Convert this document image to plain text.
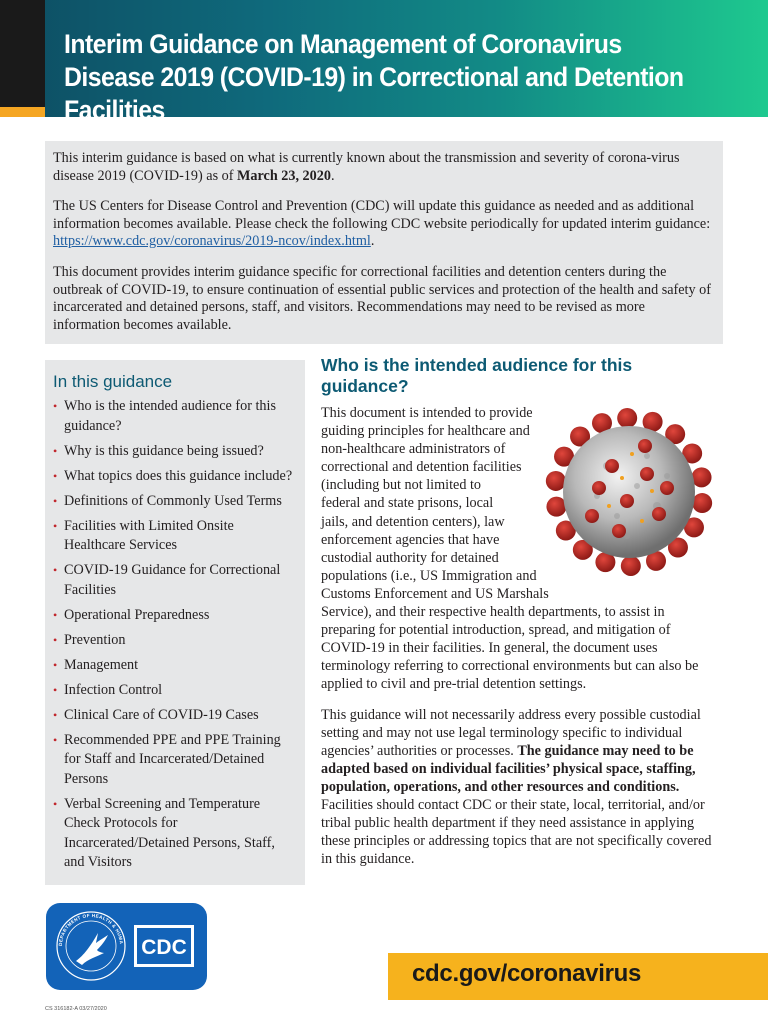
Interim Guidance on Management of Coronavirus Disease 2019 (COVID-19) in Correctional and Detention Facilities

This interim guidance is based on what is currently known about the transmission and severity of corona-virus disease 2019 (COVID-19) as of March 23, 2020.

The US Centers for Disease Control and Prevention (CDC) will update this guidance as needed and as additional information becomes available. Please check the following CDC website periodically for updated interim guidance: https://www.cdc.gov/coronavirus/2019-ncov/index.html.

This document provides interim guidance specific for correctional facilities and detention centers during the outbreak of COVID-19, to ensure continuation of essential public services and protection of the health and safety of incarcerated and detained persons, staff, and visitors. Recommendations may need to be revised as more information becomes available.

In this guidance
• Who is the intended audience for this guidance?
• Why is this guidance being issued?
• What topics does this guidance include?
• Definitions of Commonly Used Terms
• Facilities with Limited Onsite Healthcare Services
• COVID-19 Guidance for Correctional Facilities
• Operational Preparedness
• Prevention
• Management
• Infection Control
• Clinical Care of COVID-19 Cases
• Recommended PPE and PPE Training for Staff and Incarcerated/Detained Persons
• Verbal Screening and Temperature Check Protocols for Incarcerated/Detained Persons, Staff, and Visitors
Who is the intended audience for this guidance?

This document is intended to provide guiding principles for healthcare and non-healthcare administrators of correctional and detention facilities (including but not limited to federal and state prisons, local jails, and detention centers), law enforcement agencies that have custodial authority for detained populations (i.e., US Immigration and Customs Enforcement and US Marshals Service), and their respective health departments, to assist in preparing for potential introduction, spread, and mitigation of COVID-19 in their facilities. In general, the document uses terminology referring to correctional environments but can also be applied to civil and pre-trial detention settings.

This guidance will not necessarily address every possible custodial setting and may not use legal terminology specific to individual agencies’ authorities or processes. The guidance may need to be adapted based on individual facilities’ physical space, staffing, population, operations, and other resources and conditions. Facilities should contact CDC or their state, local, territorial, and/or tribal public health department if they need assistance in applying these principles or addressing topics that are not specifically covered in this guidance.

DEPARTMENT OF HEALTH & HUMA CDC
CS 316182-A 03/27/2020
cdc.gov/coronavirus
